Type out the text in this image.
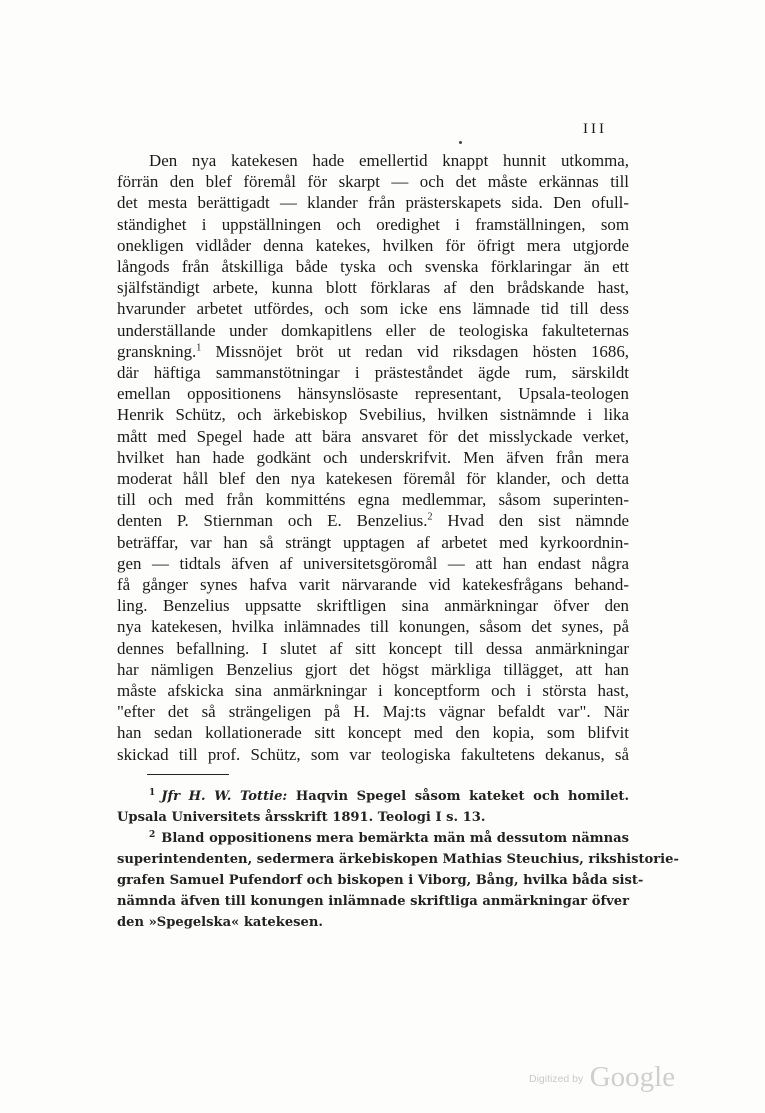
III
Den nya katekesen hade emellertid knappt hunnit utkomma,
förrän den blef föremål för skarpt — och det måste erkännas till
det mesta berättigadt — klander från prästerskapets sida. Den ofull-
ständighet i uppställningen och oredighet i framställningen, som
onekligen vidlåder denna katekes, hvilken för öfrigt mera utgjorde
långods från åtskilliga både tyska och svenska förklaringar än ett
själfständigt arbete, kunna blott förklaras af den brådskande hast,
hvarunder arbetet utfördes, och som icke ens lämnade tid till dess
underställande under domkapitlens eller de teologiska fakulteternas
granskning.$^1$ Missnöjet bröt ut redan vid riksdagen hösten 1686,
där häftiga sammanstötningar i prästeståndet ägde rum, särskildt
emellan oppositionens hänsynslösaste representant, Upsala-teologen
Henrik Schütz, och ärkebiskop Svebilius, hvilken sistnämnde i lika
mått med Spegel hade att bära ansvaret för det misslyckade verket,
hvilket han hade godkänt och underskrifvit. Men äfven från mera
moderat håll blef den nya katekesen föremål för klander, och detta
till och med från kommitténs egna medlemmar, såsom superinten-
denten P. Stiernman och E. Benzelius.$^2$ Hvad den sist nämnde
beträffar, var han så strängt upptagen af arbetet med kyrkoordnin-
gen — tidtals äfven af universitetsgöromål — att han endast några
få gånger synes hafva varit närvarande vid katekesfrågans behand-
ling. Benzelius uppsatte skriftligen sina anmärkningar öfver den
nya katekesen, hvilka inlämnades till konungen, såsom det synes, på
dennes befallning. I slutet af sitt koncept till dessa anmärkningar
har nämligen Benzelius gjort det högst märkliga tillägget, att han
måste afskicka sina anmärkningar i konceptform och i största hast,
"efter det så strängeligen på H. Maj:ts vägnar befaldt var". När
han sedan kollationerade sitt koncept med den kopia, som blifvit
skickad till prof. Schütz, som var teologiska fakultetens dekanus, så
$^1$ Jfr H. W. Tottie: Haqvin Spegel såsom kateket och homilet.
Upsala Universitets årsskrift 1891. Teologi I s. 13.
$^2$ Bland oppositionens mera bemärkta män må dessutom nämnas
superintendenten, sedermera ärkebiskopen Mathias Steuchius, rikshistorie-
grafen Samuel Pufendorf och biskopen i Viborg, Bång, hvilka båda sist-
nämnda äfven till konungen inlämnade skriftliga anmärkningar öfver
den »Spegelska« katekesen.
$^{Digitized by}$ Google
